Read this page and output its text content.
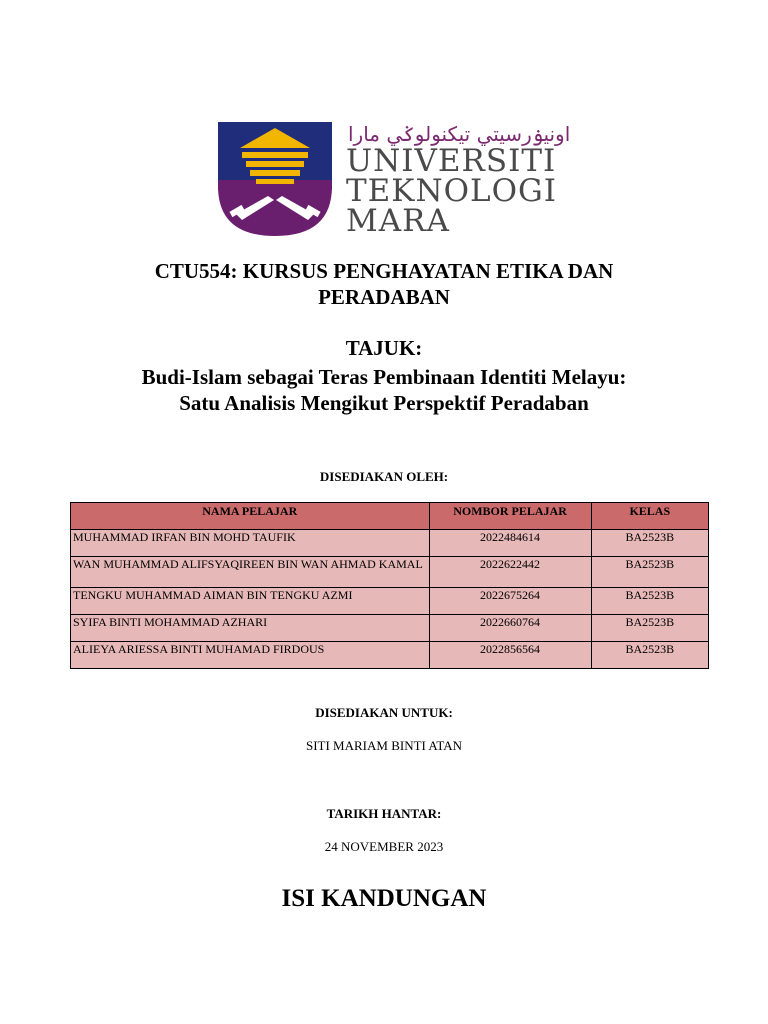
اونيۏرسيتي تيكنولوݢي مارا
UNIVERSITI
TEKNOLOGI
MARA
CTU554: KURSUS PENGHAYATAN ETIKA DAN
PERADABAN
TAJUK:
Budi-Islam sebagai Teras Pembinaan Identiti Melayu:
Satu Analisis Mengikut Perspektif Peradaban
DISEDIAKAN OLEH:
NAMA PELAJAR	NOMBOR PELAJAR	KELAS
MUHAMMAD IRFAN BIN MOHD TAUFIK	2022484614	BA2523B
WAN MUHAMMAD ALIFSYAQIREEN BIN WAN AHMAD KAMAL	2022622442	BA2523B
TENGKU MUHAMMAD AIMAN BIN TENGKU AZMI	2022675264	BA2523B
SYIFA BINTI MOHAMMAD AZHARI	2022660764	BA2523B
ALIEYA ARIESSA BINTI MUHAMAD FIRDOUS	2022856564	BA2523B
DISEDIAKAN UNTUK:
SITI MARIAM BINTI ATAN
TARIKH HANTAR:
24 NOVEMBER 2023
ISI KANDUNGAN
